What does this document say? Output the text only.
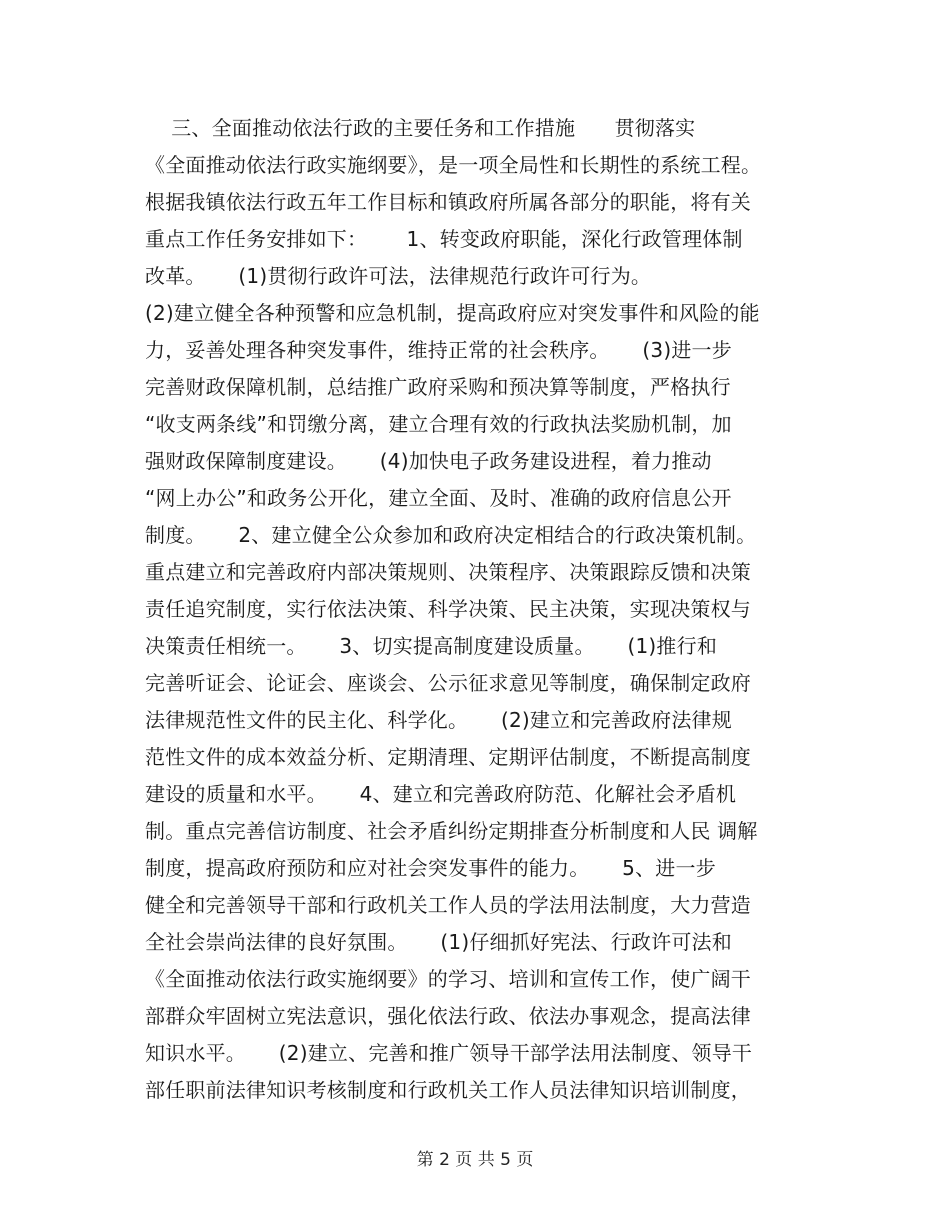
三、全面推动依法行政的主要任务和工作措施      贯彻落实
《全面推动依法行政实施纲要》，是一项全局性和长期性的系统工程。
根据我镇依法行政五年工作目标和镇政府所属各部分的职能，将有关
重点工作任务安排如下：      1、转变政府职能，深化行政管理体制
改革。     (1)贯彻行政许可法，法律规范行政许可行为。
(2)建立健全各种预警和应急机制，提高政府应对突发事件和风险的能
力，妥善处理各种突发事件，维持正常的社会秩序。     (3)进一步
完善财政保障机制，总结推广政府采购和预决算等制度，严格执行
“收支两条线”和罚缴分离，建立合理有效的行政执法奖励机制，加
强财政保障制度建设。     (4)加快电子政务建设进程，着力推动
“网上办公”和政务公开化，建立全面、及时、准确的政府信息公开
制度。     2、建立健全公众参加和政府决定相结合的行政决策机制。
重点建立和完善政府内部决策规则、决策程序、决策跟踪反馈和决策
责任追究制度，实行依法决策、科学决策、民主决策，实现决策权与
决策责任相统一。     3、切实提高制度建设质量。     (1)推行和
完善听证会、论证会、座谈会、公示征求意见等制度，确保制定政府
法律规范性文件的民主化、科学化。     (2)建立和完善政府法律规
范性文件的成本效益分析、定期清理、定期评估制度，不断提高制度
建设的质量和水平。     4、建立和完善政府防范、化解社会矛盾机
制。重点完善信访制度、社会矛盾纠纷定期排查分析制度和人民 调解
制度，提高政府预防和应对社会突发事件的能力。     5、进一步
健全和完善领导干部和行政机关工作人员的学法用法制度，大力营造
全社会崇尚法律的良好氛围。     (1)仔细抓好宪法、行政许可法和
《全面推动依法行政实施纲要》的学习、培训和宣传工作，使广阔干
部群众牢固树立宪法意识，强化依法行政、依法办事观念，提高法律
知识水平。     (2)建立、完善和推广领导干部学法用法制度、领导干
部任职前法律知识考核制度和行政机关工作人员法律知识培训制度，
第 2 页 共 5 页
